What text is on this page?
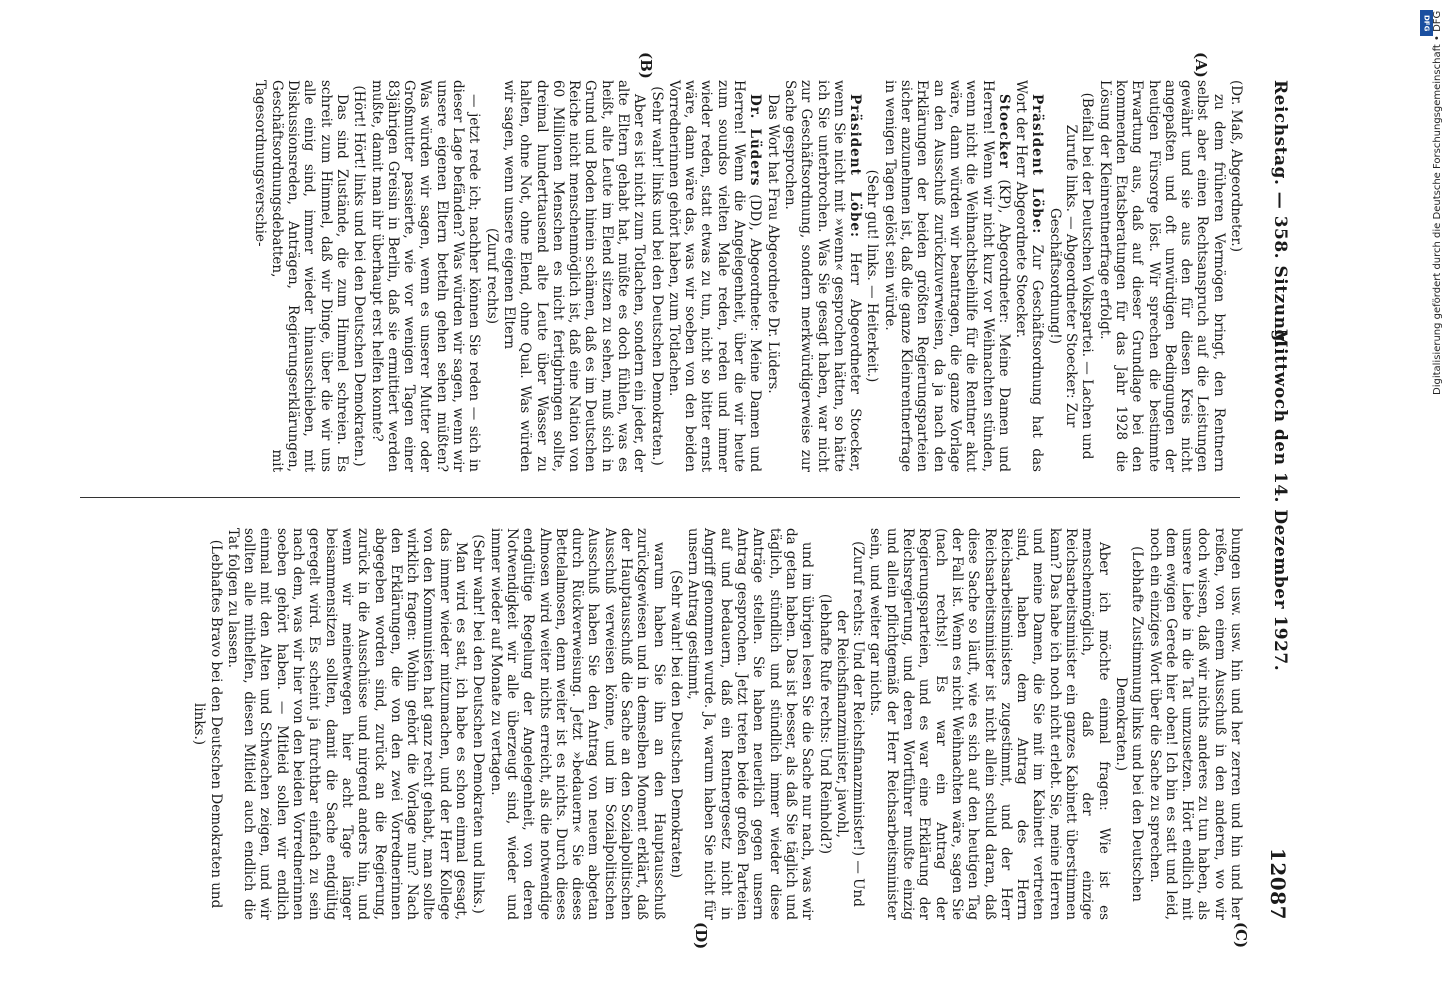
Reichstag. — 358. Sitzung.
Mittwoch den 14. Dezember 1927.
12087
(A)
(B)
(C)
(D)

(Dr. Maß, Abgeordneter.)

zu dem früheren Vermögen bringt, den Rentnern selbst aber einen Rechtsanspruch auf die Leistungen gewährt und sie aus den für diesen Kreis nicht angepaßten und oft unwürdigen Bedingungen der heutigen Fürsorge löst. Wir sprechen die bestimmte Erwartung aus, daß auf dieser Grundlage bei den kommenden Etatsberatungen für das Jahr 1928 die Lösung der Kleinrentnerfrage erfolgt.

(Beifall bei der Deutschen Volkspartei. — Lachen und Zurufe links. — Abgeordneter Stoecker: Zur Geschäftsordnung!)

Präsident Löbe: Zur Geschäftsordnung hat das Wort der Herr Abgeordnete Stoecker.

Stoecker (KP), Abgeordneter: Meine Damen und Herren! Wenn wir nicht kurz vor Weihnachten stünden, wenn nicht die Weihnachtsbeihilfe für die Rentner akut wäre, dann würden wir beantragen, die ganze Vorlage an den Ausschuß zurückzuverweisen, da ja nach den Erklärungen der beiden größten Regierungsparteien sicher anzunehmen ist, daß die ganze Kleinrentnerfrage in wenigen Tagen gelöst sein würde.

(Sehr gut! links. — Heiterkeit.)

Präsident Löbe: Herr Abgeordneter Stoecker, wenn Sie nicht mit »wenn« gesprochen hätten, so hätte ich Sie unterbrochen. Was Sie gesagt haben, war nicht zur Geschäftsordnung, sondern merkwürdigerweise zur Sache gesprochen.

Das Wort hat Frau Abgeordnete Dr. Lüders.

Dr. Lüders (DD), Abgeordnete: Meine Damen und Herren! Wenn die Angelegenheit, über die wir heute zum soundso vielten Male reden, reden und immer wieder reden, statt etwas zu tun, nicht so bitter ernst wäre, dann wäre das, was wir soeben von den beiden Vorrednerinnen gehört haben, zum Totlachen.

(Sehr wahr! links und bei den Deutschen Demokraten.)

Aber es ist nicht zum Totlachen, sondern ein jeder, der alte Eltern gehabt hat, müßte es doch fühlen, was es heißt, alte Leute im Elend sitzen zu sehen, muß sich in Grund und Boden hinein schämen, daß es im Deutschen Reiche nicht menschenmöglich ist, daß eine Nation von 60 Millionen Menschen es nicht fertigbringen sollte, dreimal hunderttausend alte Leute über Wasser zu halten, ohne Not, ohne Elend, ohne Qual. Was würden wir sagen, wenn unsere eigenen Eltern

(Zuruf rechts)

— jetzt rede ich; nachher können Sie reden — sich in dieser Lage befänden? Was würden wir sagen, wenn wir unsere eigenen Eltern betteln gehen sehen müßten? Was würden wir sagen, wenn es unserer Mutter oder Großmutter passierte, wie vor wenigen Tagen einer 83jährigen Greisin in Berlin, daß sie ermittiert werden mußte, damit man ihr überhaupt erst helfen konnte?

(Hört! Hört! links und bei den Deutschen Demokraten.)

Das sind Zustände, die zum Himmel schreien. Es schreit zum Himmel, daß wir Dinge, über die wir uns alle einig sind, immer wieder hinausschieben, mit Diskussionsreden, Anträgen, Regierungserklärungen, Geschäftsordnungsdebatten, mit Tagesordnungsverschie-

bungen usw. usw. hin und her zerren und hin und her reißen, von einem Ausschuß in den anderen, wo wir doch wissen, daß wir nichts anderes zu tun haben, als unsere Liebe in die Tat umzusetzen. Hört endlich mit dem ewigen Gerede hier oben! Ich bin es satt und leid, noch ein einziges Wort über die Sache zu sprechen.

(Lebhafte Zustimmung links und bei den Deutschen Demokraten.)

Aber ich möchte einmal fragen: Wie ist es menschenmöglich, daß der einzige Reichsarbeitsminister ein ganzes Kabinett überstimmen kann? Das habe ich noch nicht erlebt. Sie, meine Herren und meine Damen, die Sie mit im Kabinett vertreten sind, haben dem Antrag des Herrn Reichsarbeitsministers zugestimmt, und der Herr Reichsarbeitsminister ist nicht allein schuld daran, daß diese Sache so läuft, wie es sich auf den heutigen Tag der Fall ist. Wenn es nicht Weihnachten wäre, sagen Sie (nach rechts)! Es war ein Antrag der Regierungsparteien, und es war eine Erklärung der Reichsregierung, und deren Wortführer mußte einzig und allein pflichtgemäß der Herr Reichsarbeitsminister sein, und weiter gar nichts.

(Zuruf rechts: Und der Reichsfinanzminister!) — Und der Reichsfinanzminister, jawohl,

(lebhafte Rufe rechts: Und Reinhold?)

und im übrigen lesen Sie die Sache nur nach, was wir da getan haben. Das ist besser, als daß Sie täglich und täglich, stündlich und stündlich immer wieder diese Anträge stellen. Sie haben neuerlich gegen unsern Antrag gesprochen. Jetzt treten beide großen Parteien auf und bedauern, daß ein Rentnergesetz nicht in Angriff genommen wurde. Ja, warum haben Sie nicht für unsern Antrag gestimmt,

(Sehr wahr! bei den Deutschen Demokraten)

warum haben Sie ihn an den Hauptausschuß zurückgewiesen und in demselben Moment erklärt, daß der Hauptausschuß die Sache an den Sozialpolitischen Ausschuß verweisen könne, und im Sozialpolitischen Ausschuß haben Sie den Antrag von neuem abgetan durch Rückverweisung. Jetzt »bedauern« Sie dieses Bettelalmosen, denn weiter ist es nichts. Durch dieses Almosen wird weiter nichts erreicht, als die notwendige endgültige Regelung der Angelegenheit, von deren Notwendigkeit wir alle überzeugt sind, wieder und immer wieder auf Monate zu vertagen.

(Sehr wahr! bei den Deutschen Demokraten und links.)

Man wird es satt, ich habe es schon einmal gesagt, das immer wieder mitzumachen, und der Herr Kollege von den Kommunisten hat ganz recht gehabt, man sollte wirklich fragen: Wohin gehört die Vorlage nun? Nach den Erklärungen, die von den zwei Vorrednerinnen abgegeben worden sind, zurück an die Regierung, zurück in die Ausschüsse und nirgend anders hin, und wenn wir meinetwegen hier acht Tage länger beisammensitzen sollten, damit die Sache endgültig geregelt wird. Es scheint ja furchtbar einfach zu sein nach dem, was wir hier von den beiden Vorrednerinnen soeben gehört haben. — Mitleid sollen wir endlich einmal mit den Alten und Schwachen zeigen, und wir sollten alle mithelfen, diesen Mitleid auch endlich die Tat folgen zu lassen.

(Lebhaftes Bravo bei den Deutschen Demokraten und links.)

DFG Digitalisierung gefördert durch die Deutsche Forschungsgemeinschaft • DFG
